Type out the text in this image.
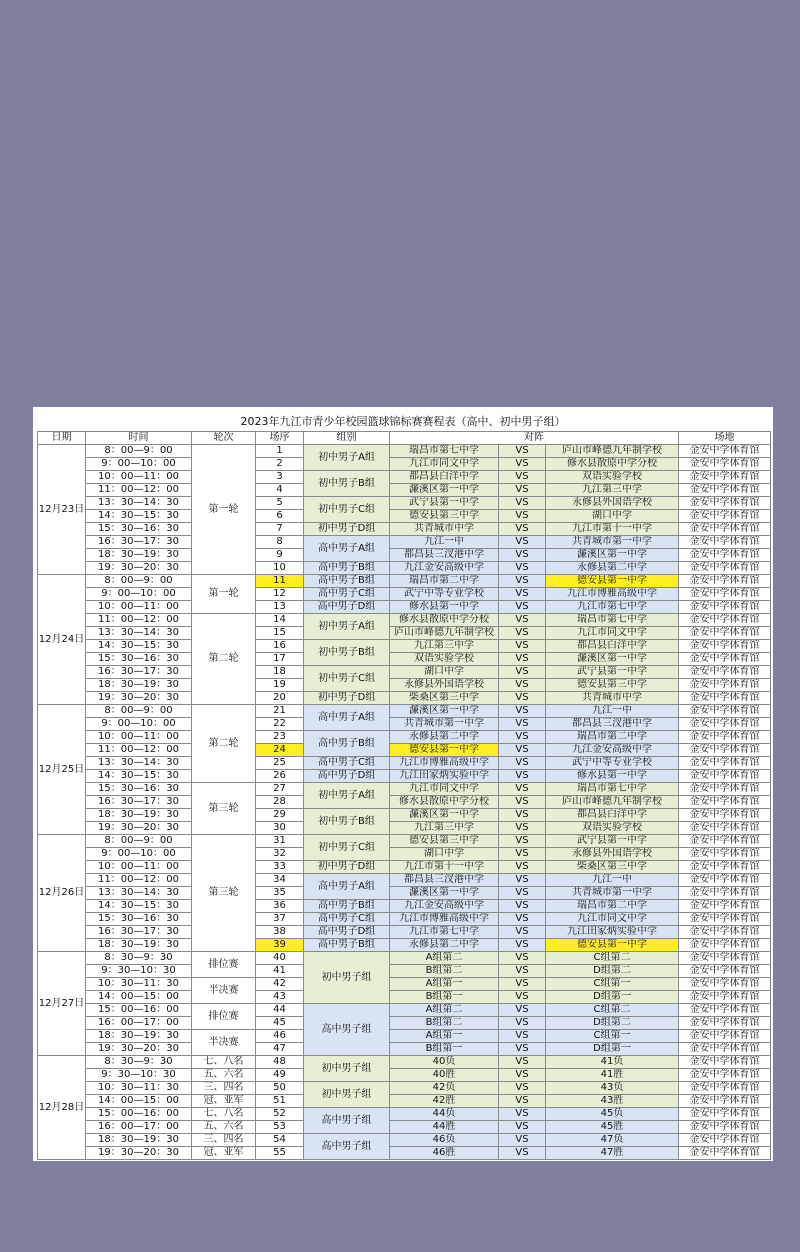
2023年九江市青少年校园篮球锦标赛赛程表（高中、初中男子组）
日期	时间	轮次	场序	组别	对阵			场地
12月23日	8：00—9：00	第一轮	1	初中男子A组	瑞昌市第七中学	VS	庐山市峰德九年制学校	金安中学体育馆
	9：00—10：00		2		九江市同文中学	VS	修水县散原中学分校	金安中学体育馆
	10：00—11：00		3	初中男子B组	都昌县白洋中学	VS	双语实验学校	金安中学体育馆
	11：00—12：00		4		濂溪区第一中学	VS	九江第三中学	金安中学体育馆
	13：30—14：30		5	初中男子C组	武宁县第一中学	VS	永修县外国语学校	金安中学体育馆
	14：30—15：30		6		德安县第三中学	VS	湖口中学	金安中学体育馆
	15：30—16：30		7	初中男子D组	共青城市中学	VS	九江市第十一中学	金安中学体育馆
	16：30—17：30		8	高中男子A组	九江一中	VS	共青城市第一中学	金安中学体育馆
	18：30—19：30		9		都昌县三汊港中学	VS	濂溪区第一中学	金安中学体育馆
	19：30—20：30		10	高中男子B组	九江金安高级中学	VS	永修县第二中学	金安中学体育馆
12月24日	8：00—9：00	第一轮	11	高中男子B组	瑞昌市第二中学	VS	德安县第一中学	金安中学体育馆
	9：00—10：00		12	高中男子C组	武宁中等专业学校	VS	九江市博雅高级中学	金安中学体育馆
	10：00—11：00		13	高中男子D组	修水县第一中学	VS	九江市第七中学	金安中学体育馆
	11：00—12：00	第二轮	14	初中男子A组	修水县散原中学分校	VS	瑞昌市第七中学	金安中学体育馆
	13：30—14：30		15		庐山市峰德九年制学校	VS	九江市同文中学	金安中学体育馆
	14：30—15：30		16	初中男子B组	九江第三中学	VS	都昌县白洋中学	金安中学体育馆
	15：30—16：30		17		双语实验学校	VS	濂溪区第一中学	金安中学体育馆
	16：30—17：30		18	初中男子C组	湖口中学	VS	武宁县第一中学	金安中学体育馆
	18：30—19：30		19		永修县外国语学校	VS	德安县第三中学	金安中学体育馆
	19：30—20：30		20	初中男子D组	柴桑区第三中学	VS	共青城市中学	金安中学体育馆
12月25日	8：00—9：00	第二轮	21	高中男子A组	濂溪区第一中学	VS	九江一中	金安中学体育馆
	9：00—10：00		22		共青城市第一中学	VS	都昌县三汊港中学	金安中学体育馆
	10：00—11：00		23	高中男子B组	永修县第二中学	VS	瑞昌市第二中学	金安中学体育馆
	11：00—12：00		24		德安县第一中学	VS	九江金安高级中学	金安中学体育馆
	13：30—14：30		25	高中男子C组	九江市博雅高级中学	VS	武宁中等专业学校	金安中学体育馆
	14：30—15：30		26	高中男子D组	九江田家炳实验中学	VS	修水县第一中学	金安中学体育馆
	15：30—16：30	第三轮	27	初中男子A组	九江市同文中学	VS	瑞昌市第七中学	金安中学体育馆
	16：30—17：30		28		修水县散原中学分校	VS	庐山市峰德九年制学校	金安中学体育馆
	18：30—19：30		29	初中男子B组	濂溪区第一中学	VS	都昌县白洋中学	金安中学体育馆
	19：30—20：30		30		九江第三中学	VS	双语实验学校	金安中学体育馆
12月26日	8：00—9：00	第三轮	31	初中男子C组	德安县第三中学	VS	武宁县第一中学	金安中学体育馆
	9：00—10：00		32		湖口中学	VS	永修县外国语学校	金安中学体育馆
	10：00—11：00		33	初中男子D组	九江市第十一中学	VS	柴桑区第三中学	金安中学体育馆
	11：00—12：00		34	高中男子A组	都昌县三汊港中学	VS	九江一中	金安中学体育馆
	13：30—14：30		35		濂溪区第一中学	VS	共青城市第一中学	金安中学体育馆
	14：30—15：30		36	高中男子B组	九江金安高级中学	VS	瑞昌市第二中学	金安中学体育馆
	15：30—16：30		37	高中男子C组	九江市博雅高级中学	VS	九江市同文中学	金安中学体育馆
	16：30—17：30		38	高中男子D组	九江市第七中学	VS	九江田家炳实验中学	金安中学体育馆
	18：30—19：30		39	高中男子B组	永修县第二中学	VS	德安县第一中学	金安中学体育馆
12月27日	8：30—9：30	排位赛	40	初中男子组	A组第二	VS	C组第二	金安中学体育馆
	9：30—10：30		41		B组第二	VS	D组第二	金安中学体育馆
	10：30—11：30	半决赛	42		A组第一	VS	C组第一	金安中学体育馆
	14：00—15：00		43		B组第一	VS	D组第一	金安中学体育馆
	15：00—16：00	排位赛	44	高中男子组	A组第二	VS	C组第二	金安中学体育馆
	16：00—17：00		45		B组第二	VS	D组第二	金安中学体育馆
	18：30—19：30	半决赛	46		A组第一	VS	C组第一	金安中学体育馆
	19：30—20：30		47		B组第一	VS	D组第一	金安中学体育馆
12月28日	8：30—9：30	七、八名	48	初中男子组	40负	VS	41负	金安中学体育馆
	9：30—10：30	五、六名	49		40胜	VS	41胜	金安中学体育馆
	10：30—11：30	三、四名	50	初中男子组	42负	VS	43负	金安中学体育馆
	14：00—15：00	冠、亚军	51		42胜	VS	43胜	金安中学体育馆
	15：00—16：00	七、八名	52	高中男子组	44负	VS	45负	金安中学体育馆
	16：00—17：00	五、六名	53		44胜	VS	45胜	金安中学体育馆
	18：30—19：30	三、四名	54	高中男子组	46负	VS	47负	金安中学体育馆
	19：30—20：30	冠、亚军	55		46胜	VS	47胜	金安中学体育馆
